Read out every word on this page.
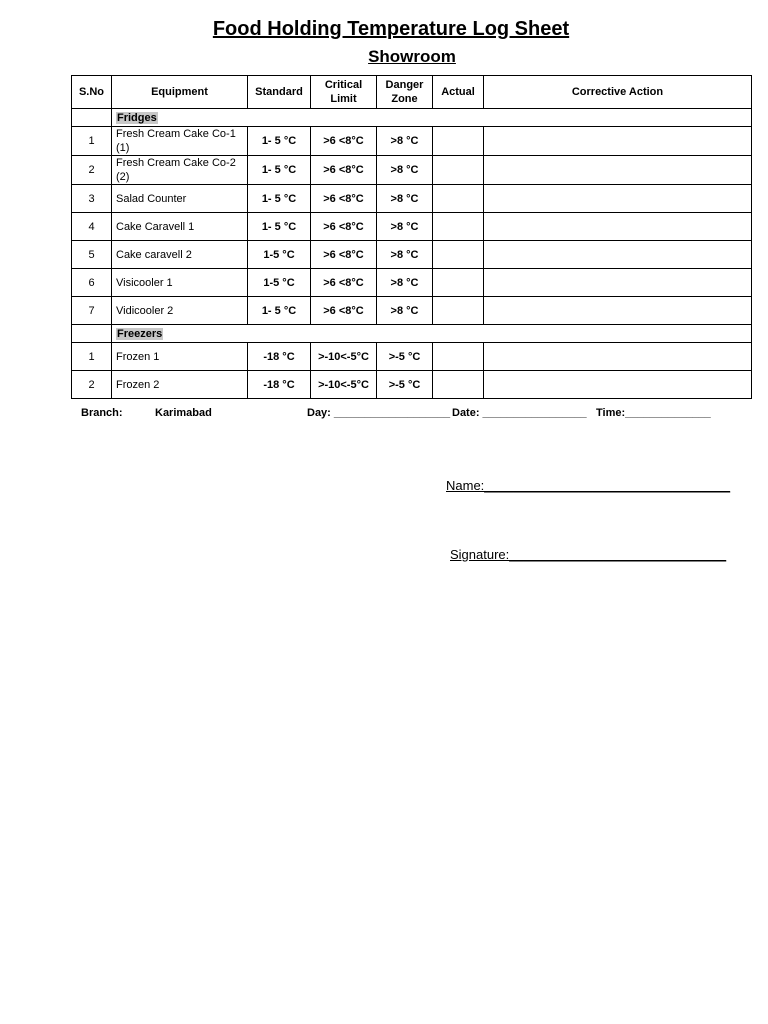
Food Holding Temperature Log Sheet
Showroom
S.No	Equipment	Standard	Critical Limit	Danger Zone	Actual	Corrective Action
	Fridges					
1	Fresh Cream Cake Co-1 (1)	1- 5 °C	>6 <8°C	>8 °C		
2	Fresh Cream Cake Co-2 (2)	1- 5 °C	>6 <8°C	>8 °C		
3	Salad Counter	1- 5 °C	>6 <8°C	>8 °C		
4	Cake Caravell 1	1- 5 °C	>6 <8°C	>8 °C		
5	Cake caravell 2	1-5 °C	>6 <8°C	>8 °C		
6	Visicooler 1	1-5 °C	>6 <8°C	>8 °C		
7	Vidicooler 2	1- 5 °C	>6 <8°C	>8 °C		
	Freezers					
1	Frozen 1	-18 °C	>-10<-5°C	>-5 °C		
2	Frozen 2	-18 °C	>-10<-5°C	>-5 °C		
Branch:	Karimabad	Day: ___________________ Date: _________________ Time:______________
Name:__________________________________
Signature:______________________________
